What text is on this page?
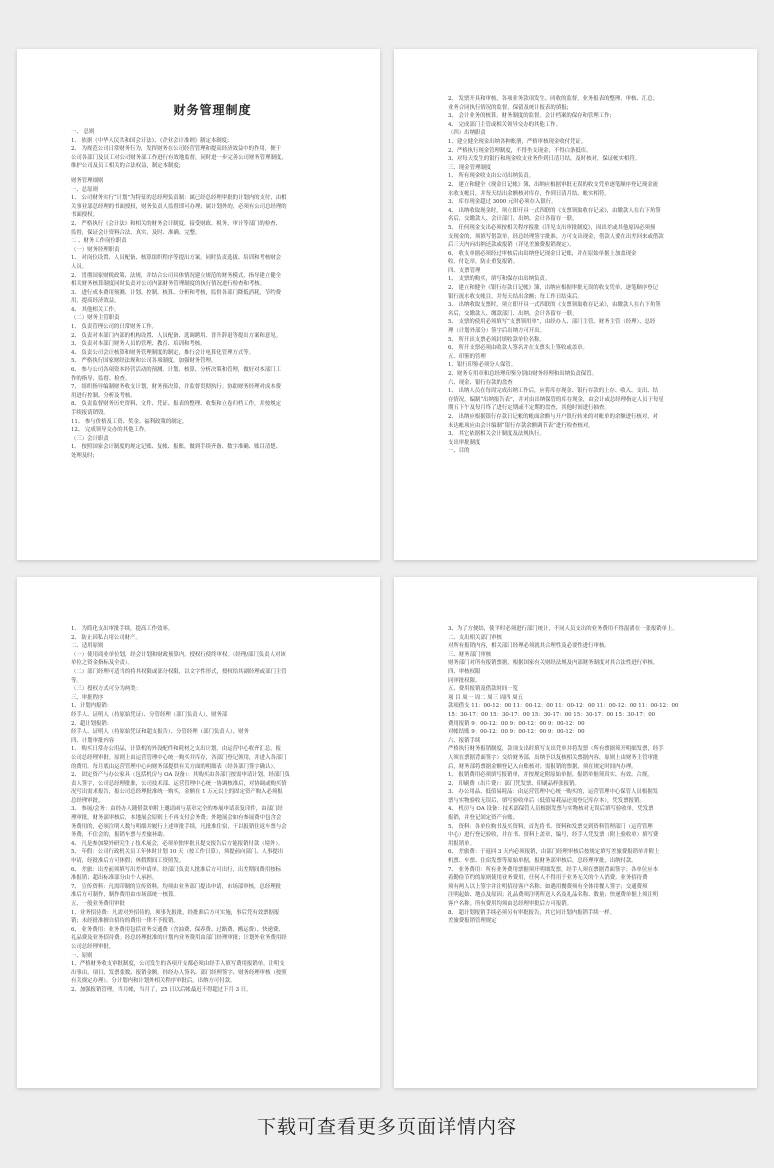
财务管理制度
一、 总则
1、 依据《中华人民共和国会计法》、《企业会计准则》制定本制度;
2、 为规范公司日常财务行为，发挥财务在公司经营管理和提高经济效益中的作用，便于
公司各部门及员工对公司财务部工作进行有效地监督，同时进一步完善公司财务管理制度，
维护公司及员工相关的合法权益，制定本制度;
财务管理细则
一、总原则
1、 公司财务实行“计划”为特征的总经理负责制：属已经总经理审批的计划内的支付，由相
关事业部总经理的书面授权，财务负责人监督即可办理；属计划外的，必须有公司总经理的
书面授权。
2、 严格执行《会计法》和相关的财务会计制度，接受财政、税务、审计等部门的检查、
监督，保证会计资料合法、真实、及时、准确、完整。
二 、财务工作岗位职责
（一）财务经理职责
1、 对岗位设置、人员配备、核算组织程序等提出方案，同时负责选拔、培训和考核财会
人员。
2、 贯彻国家财税政策、法规，并结合公司具体情况建立规范的财务模式，指导建立健全
相关财务核算制度同时负责对公司内部财务管理制度的执行情况进行检查和考核。
3、 进行成本费用预测、计划、控制、核算、分析和考核，监督各部门降低消耗、节约费
用，提高经济效益。
4、 其他相关工作。
（二）财务主管职责
1、 负责管理公司的日常财务工作。
2、 负责对本部门内部的机构设置、人员配备、选调聘用、晋升辞退等提出方案和意见。
3、 负责对本部门财务人员的管理、教育、培训和考核。
4、 负责公司会计核算和财务管理制度的制定，推行会计电算化管理方式等。
5、 严格执行国家财经法规和公司各项制度，加强财务管理。
6、 参与公司各项资本经营活动的预测、计划、核算、分析决策和管理，做好对本部门工
作的指导、监督、检查。
7、 组织指导编制财务收支计划，财务预决算，并监督贯彻执行；协助财务经理对成本费
用进行控制、分析及考核。
8、 负责监督财务历史资料、文件、凭证、报表的整理、收集和立卷归档工作，并按规定
手续报请销毁。
11、 参与价格及工资、奖金、福利政策的制定。
12、 完成领导交办的其他工作。
（三）会计职责
1、 按照国家会计制度的规定记账、复帐、报账，做到手续齐备、数字准确、账目清楚、
处理及时;
2、 发票开具和审核，各项业务款项发生、回收的监督，业务报表的整理、审核、汇总；
业务合同执行情况的监督，保留及统计报表的填报;
3、 会计业务的核算，财务制度的监督，会计档案的保存和管理工作;
4、 完成部门主管或相关领导交办的其他工作。
（四）出纳职责
1、建立健全现金出纳各种账册，严格审核现金收付凭证。
2、严格执行现金管理制度，不得坐支现金，不得白条抵库。
3、对每天发生的银行和现金收支业务作到日清月结，及时核对，保证帐实相符。
三、现金管理制度
1、 所有现金收支由公司出纳负责。
2、 建立和健全《现金日记帐》簿，出纳应根据审批无误的收支凭单逐笔顺序登记现金流
水收支帐目，并每天结出余额核对库存，作到日清月结、帐实相符。
3、 库存现金超过 3000 元时必须存入银行。
4、 出纳收取现金时，须立即开具一式四联的《支票领取收存记录》，由缴款人在右下角签
名后，交缴款人、会计部门、出纳、会计各留存一联。
5、 任何现金支出必须按相关程序报批《详见支出审批制度》，因出差或其他原因必须预
支现金的，须填写借款单，经总经理签字批准，方可支出现金，借款人要在出差回来或借款
后三天内向出纳还款或报销（详见差旅费报销规定）。
6、 收支单据必须经过审核后由出纳登记现金日记账，并在原始单据上加盖现金
收、付讫章，防止重复报销。
四、支票管理
1、 支票的购买，填写和保存由出纳负责。
2、 建立和健全《银行存款日记帐》簿，出纳应根据审批无误的收支凭单，逐笔顺序登记
银行流水收支帐目，并每天结出余额；每工作日结束后。
3、 出纳收取支票时，须立即开具一式四联的《支票领取收存记录》，由缴款人在右下角签
名后，交缴款人、缴款部门、出纳、会计各留存一联。
5、 支票的使用必须填写“支票领用单”，由经办人、部门主管、财务主管（经理）、总经
理（计划外部分）签字后出纳方可开出。
5、 所开出支票必须封填收款单位名称。
6、 所开支票必须由收款人签名并在支票头上签收或盖章。
五、印鉴的管理
1、银行印鉴必须分人保管。
2、财务专用章和总经理印鉴分别由财务经理和出纳负责保管。
六、现金、银行存款的盘查
1、 出纳人员在每周完成出纳工作后，应将库存现金、银行存款的上存、收入、支出、结
存情况，编制“出纳报告表”，并对由出纳保管的库存现金，由会计或总经理指定人员于每星
期五下午及每月终了进行定期或不定期的盘查，其他时间进行抽查。
2、 出纳应根据银行存款日记帐的帐面余额与开户银行转来的对帐单的余额进行核对，对
未达帐项应由会计编制“银行存款余额调节表”进行检查核对。
3、 其它依据相关会计制度及法规执行。
支出审批制度
一、目的
1、 为简化支出审批手续，提高工作效率。
2、 防止因私占用公司财产。
二、适用原则
（一）使用商业单位划，经会计划和财政预算内，授权行使终审权。（经理/部门负责人对该
单位之资金指标及全责）。
（二）部门经理可适当的将其权限或部分权限，以文字性形式，授权给其副经理或部门主管
等。
（三）授权方式可分为两类：
三、审批程序
1、计划内报销：
经手人、证明人（持原始凭证）、分管经理（部门负责人）、财务部
2、超计划报销：
经手人、证明人（持原始凭证和超支报告）、分管经理（部门负责人）、财务
四、计划审批内容
1、 购买日常办公用品，计算机的外设配件和耗材之支出计划，由运营中心收齐汇总，报
公司总经理审批。原则上由运营管理中心统一购买并库存，各部门登记领用，并进入各部门
的费用。每月底由运营管理中心向财务部提供有关方面的明细表（经各部门签字确认）。
2、 固定资产与办公家具（包括机房与 OA 设备）：其购买由各部门按需申请计划，经部门负
责人签字，公司总经理批准，公司技术部、运营管理中心统一协调核准后，对协调或购买情
况写出需求报告，报公司总经理批准统一购买，金额在 1 万元以上的固定资产购入必须报
总经理审批。
3、 参展/会务：由经办人随借款单附上邀请函与基章完全的参展申请表复印件，由部门经
理审批，财务部审核后，本地展会原则上不再支付会务费；外地展会如有参展费中包含会
务费用的，必须注明人数与明细并履行上述审批手续，凡批准住宿，干以报销住返车票与会
务费，不住会的，报销车票与差旅补助。
4、 凡是参加境外研究生 / 技术展会，必须单独审批且提交报告后方能报销付款（境外）。
5、 年假：公司行政机关员工年休时计划 10 天（按工作日算），须提前向部门、人事提出
申请，经批准后方可休假；休假期间工资照发。
6、 差旅：出差前须填写出差申请单，经部门负责人批准后方可出行，出差期间费用按标
准报销；超出标准部分由个人承担。
7、 宣传资料：凡需印制的宣传资料，均须由业务部门提出申请，市场部审核，总经理批
准后方可制作，制作费用由市场部统一核算。
五、一般业务费用审批
1、业务招待费：凡需对外招待的，须事先报批，经批准后方可实施，事后凭有效票据报
销；未经批准擅自招待的费用一律不予报销。
6、 业务费用：业务费用包括业务交通费（含油费、保养费、过路费、搬运费）、快递费、
礼品费及业务招待费。经总经理批准的计划内业务费用由部门经理审批；计划外业务费用经
公司总经理审批。
一、原则
1、严格财务收支审批制度，公司发生的各项开支都必须由经手人填写费用报销单，注明支
出事由、项目、发票张数、报销金额。经经办人签名、部门经理签字、财务经理审核（按照
有关规定办理），分计划内和计划外相关程序审批后，出纳方可付款。
2、加强报销管理，当月帐，当月了，25 日以后帐最迟不得超过下月 3 日。
3、为了方便结，使平时必须进行部门统计，不同人员支出的业务费用不得混淆在一张报销单上。
二、支出相关部门审核
对所有报销内容，相关部门经理必须就其合理性及必要性进行审核。
三、财务部门审核
财务部门对所有报销票据，根据国家有关财经法规及内部财务制度对其合法性进行审核。
四、审核权限
同审批权限。
五、费用报销及借款时间一览
项 目 周一 周二 周三 周四 周五
款项借支 11：00-12：00 11：00-12：00 11：00-12：00 11：00-12：00 11：00-12：00
15：30-17：00 15：30-17：00 15：30-17：00 15：30-17：00 15：30-17：00
费用报销 9：00-12：00 9：00-12：00 9：00-12：00
对帐结账 9：00-12：00 9：00-12：00 9：00-12：00
六、报销手续
严格执行财务报销制度，款项支出时填写支出凭单并将发票（所有票据须开明细发票，经手
人须在票据背面签字）交给财务部，出纳予以复核相关票据内容，原则上由财务主管审批
后，财务部将票据金额登记入台账核对；需报销的票据，须在规定时间内办理。
1、 报销费用必须填写报销单，并按规定附原始单据。报销单据须真实、有效、合规。
2、 印刷费（出片费）：部门凭发票、印刷品样张报销。
3、 办公用品、低值易耗品：由运营管理中心统一购买的，运营管理中心保管人员根据发
票与实物验收无误后，填写验收单后（低值易耗品还需登记库存本），凭发票报销。
4、 机房与 OA 设备：技术部保管人员根据发票与实物核对无误后填写验收单，凭发票
报销，并登记固定资产台账。
5、 资料：各单位购书及买资料，首先将书、资料和发票交到资料管理部门（运营管理
中心）进行登记验收，并在书、资料上盖章，编号，经手人凭发票（附上验收单）填写费
用报销单。
6、 差旅费：于返回 3 天内必须报销，由部门经理审核后按规定填写差旅费报销单并附上
机票、车票、住宿发票等原始单据，报财务部审核后，总经理审批，出纳付款。
7、 业务费用：所有业务费用票据须开明细发票，经手人须在票据背面签字；各单位应本
着勤俭节约的原则使用业务费用，任何人不得用于业务无关的个人消费。业务招待费
须有两人以上签字并注明招待客户名称；如遇用餐费须有全体用餐人签字；交通费须
注明起始、地点及原因；礼品费须注明所送人名及礼品名称、数量；快递费单据上须注明
客户名称。所有费用均须由总经理审批后方可报销。
8、 超计划报销手续必须另有审批报告，其它同计划内报销手续一样。
差旅费报销管理规定
下载可查看更多页面详情内容
